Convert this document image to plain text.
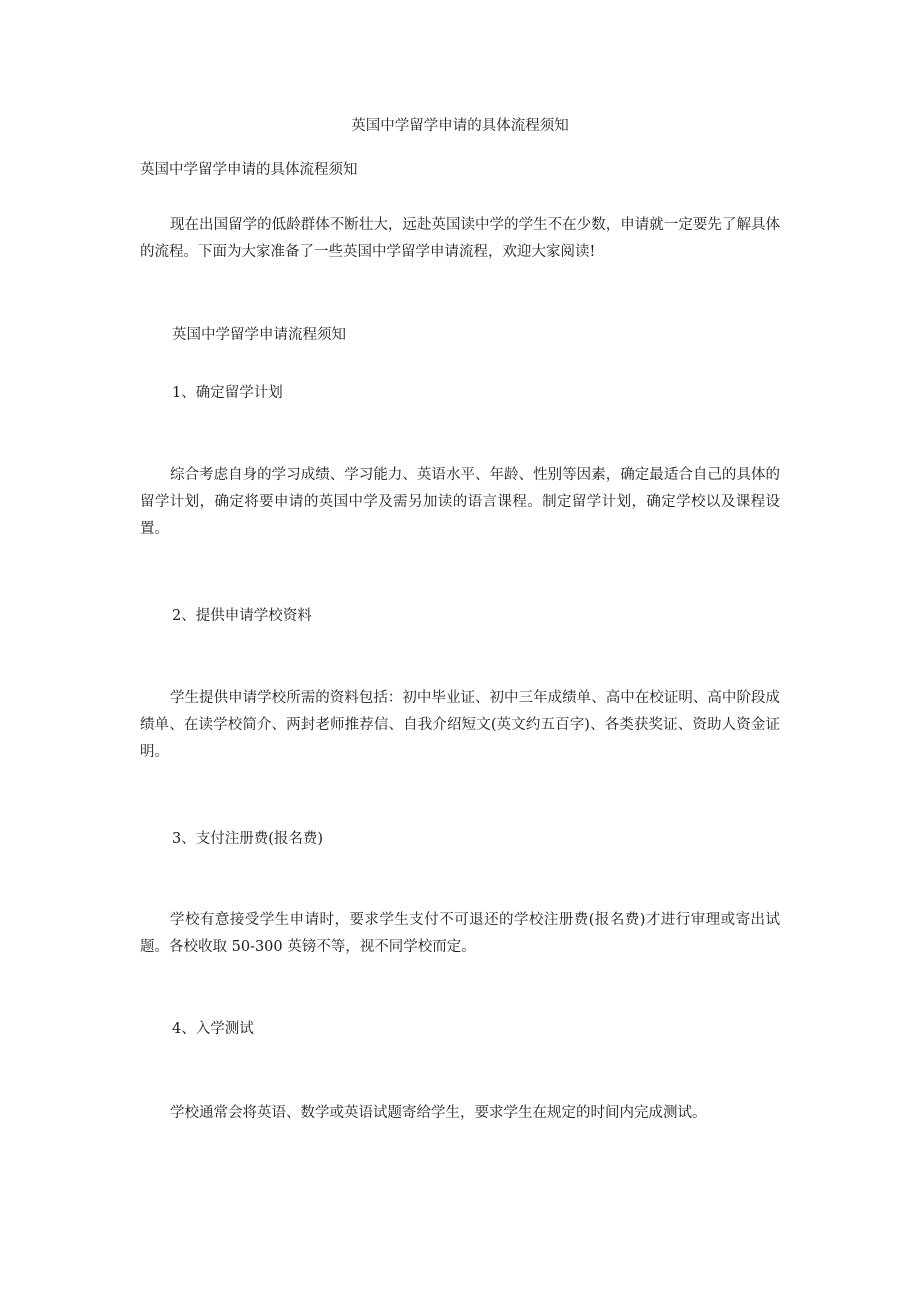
英国中学留学申请的具体流程须知
英国中学留学申请的具体流程须知
现在出国留学的低龄群体不断壮大，远赴英国读中学的学生不在少数，申请就一定要先了解具体的流程。下面为大家准备了一些英国中学留学申请流程，欢迎大家阅读!
英国中学留学申请流程须知
1、确定留学计划
综合考虑自身的学习成绩、学习能力、英语水平、年龄、性别等因素，确定最适合自己的具体的留学计划，确定将要申请的英国中学及需另加读的语言课程。制定留学计划，确定学校以及课程设置。
2、提供申请学校资料
学生提供申请学校所需的资料包括：初中毕业证、初中三年成绩单、高中在校证明、高中阶段成绩单、在读学校简介、两封老师推荐信、自我介绍短文(英文约五百字)、各类获奖证、资助人资金证明。
3、支付注册费(报名费)
学校有意接受学生申请时，要求学生支付不可退还的学校注册费(报名费)才进行审理或寄出试题。各校收取 50-300 英镑不等，视不同学校而定。
4、入学测试
学校通常会将英语、数学或英语试题寄给学生，要求学生在规定的时间内完成测试。
